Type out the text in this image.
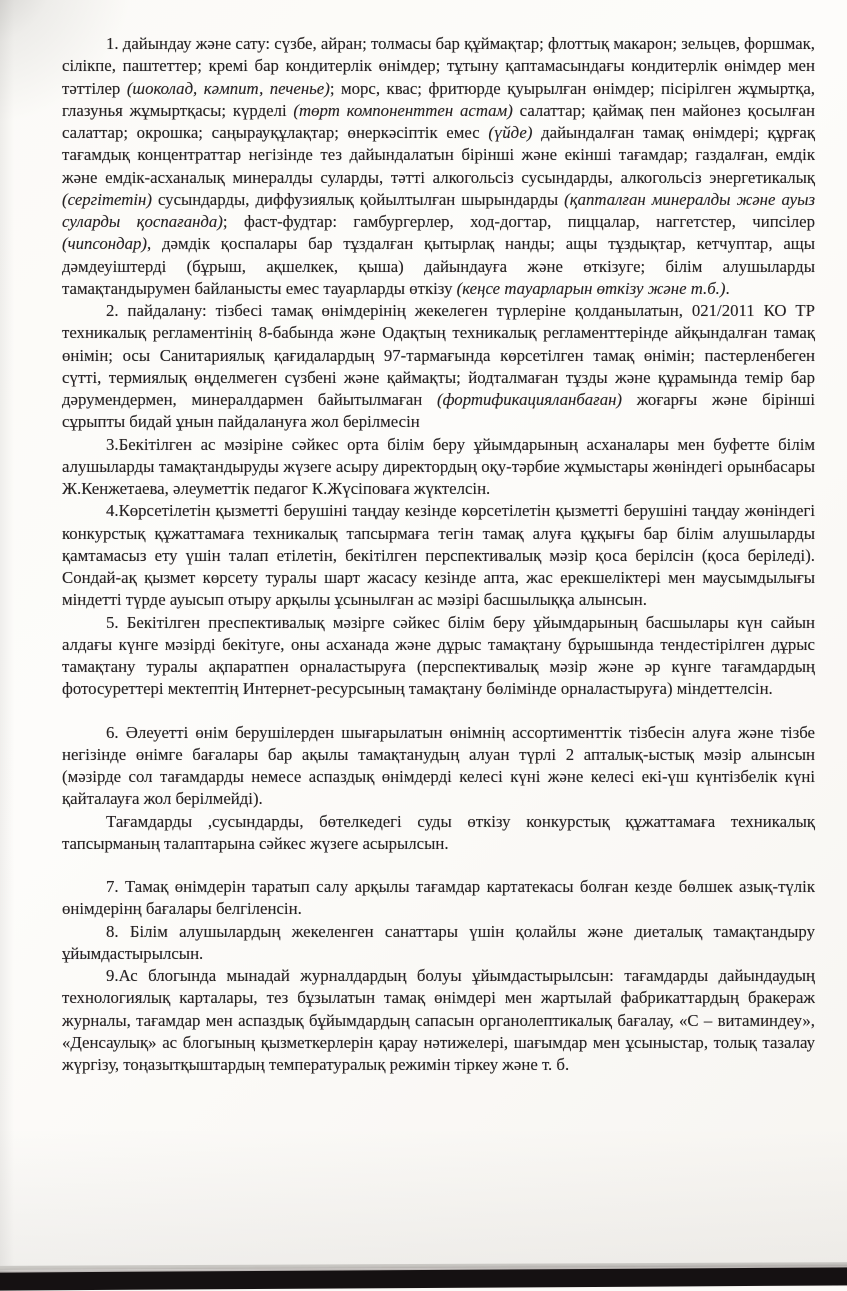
1. дайындау және сату: сүзбе, айран; толмасы бар құймақтар; флоттық макарон; зельцев, форшмак, сілікпе, паштеттер; кремі бар кондитерлік өнімдер; тұтыну қаптамасындағы кондитерлік өнімдер мен тәттілер (шоколад, кәмпит, печенье); морс, квас; фритюрде қуырылған өнімдер; пісірілген жұмыртқа, глазунья жұмыртқасы; күрделі (төрт компоненттен астам) салаттар; қаймақ пен майонез қосылған салаттар; окрошка; саңырауқұлақтар; өнеркәсіптік емес (үйде) дайындалған тамақ өнімдері; құрғақ тағамдық концентраттар негізінде тез дайындалатын бірінші және екінші тағамдар; газдалған, емдік және емдік-асханалық минералды суларды, тәтті алкогольсіз сусындарды, алкогольсіз энергетикалық (сергітетін) сусындарды, диффузиялық қойылтылған шырындарды (қапталған минералды және ауыз суларды қоспағанда); фаст-фудтар: гамбургерлер, ход-догтар, пиццалар, наггетстер, чипсілер (чипсондар), дәмдік қоспалары бар тұздалған қытырлақ нанды; ащы тұздықтар, кетчуптар, ащы дәмдеуіштерді (бұрыш, ақшелкек, қыша) дайындауға және өткізуге; білім алушыларды тамақтандырумен байланысты емес тауарларды өткізу (кеңсе тауарларын өткізу және т.б.).

2. пайдалану: тізбесі тамақ өнімдерінің жекелеген түрлеріне қолданылатын, 021/2011 КО ТР техникалық регламентінің 8-бабында және Одақтың техникалық регламенттерінде айқындалған тамақ өнімін; осы Санитариялық қағидалардың 97-тармағында көрсетілген тамақ өнімін; пастерленбеген сүтті, термиялық өңделмеген сүзбені және қаймақты; йодталмаған тұзды және құрамында темір бар дәрумендермен, минералдармен байытылмаған (фортификацияланбаған) жоғарғы және бірінші сұрыпты бидай ұнын пайдалануға жол берілмесін

3.Бекітілген ас мәзіріне сәйкес орта білім беру ұйымдарының асханалары мен буфетте білім алушыларды тамақтандыруды жүзеге асыру директордың оқу-тәрбие жұмыстары жөніндегі орынбасары Ж.Кенжетаева, әлеуметтік педагог К.Жүсіповаға жүктелсін.

4.Көрсетілетін қызметті берушіні таңдау кезінде көрсетілетін қызметті берушіні таңдау жөніндегі конкурстық құжаттамаға техникалық тапсырмаға тегін тамақ алуға құқығы бар білім алушыларды қамтамасыз ету үшін талап етілетін, бекітілген перспективалық мәзір қоса берілсін (қоса беріледі). Сондай-ақ қызмет көрсету туралы шарт жасасу кезінде апта, жас ерекшеліктері мен маусымдылығы міндетті түрде ауысып отыру арқылы ұсынылған ас мәзірі басшылыққа алынсын.

5. Бекітілген преспективалық мәзірге сәйкес білім беру ұйымдарының басшылары күн сайын алдағы күнге мәзірді бекітуге, оны асханада және дұрыс тамақтану бұрышында тендестірілген дұрыс тамақтану туралы ақпаратпен орналастыруға (перспективалық мәзір және әр күнге тағамдардың фотосуреттері мектептің Интернет-ресурсының тамақтану бөлімінде орналастыруға) міндеттелсін.

6. Әлеуетті өнім берушілерден шығарылатын өнімнің ассортименттік тізбесін алуға және тізбе негізінде өнімге бағалары бар ақылы тамақтанудың алуан түрлі 2 апталық-ыстық мәзір алынсын (мәзірде сол тағамдарды немесе аспаздық өнімдерді келесі күні және келесі екі-үш күнтізбелік күні қайталауға жол берілмейді).

Тағамдарды ,сусындарды, бөтелкедегі суды өткізу конкурстық құжаттамаға техникалық тапсырманың талаптарына сәйкес жүзеге асырылсын.

7. Тамақ өнімдерін таратып салу арқылы тағамдар картатекасы болған кезде бөлшек азық-түлік өнімдерінң бағалары белгіленсін.

8. Білім алушылардың жекеленген санаттары үшін қолайлы және диеталық тамақтандыру ұйымдастырылсын.

9.Ас блогында мынадай журналдардың болуы ұйымдастырылсын: тағамдарды дайындаудың технологиялық карталары, тез бұзылатын тамақ өнімдері мен жартылай фабрикаттардың бракераж журналы, тағамдар мен аспаздық бұйымдардың сапасын органолептикалық бағалау, «С – витаминдеу», «Денсаулық» ас блогының қызметкерлерін қарау нәтижелері, шағымдар мен ұсыныстар, толық тазалау жүргізу, тоңазытқыштардың температуралық режимін тіркеу және т. б.
